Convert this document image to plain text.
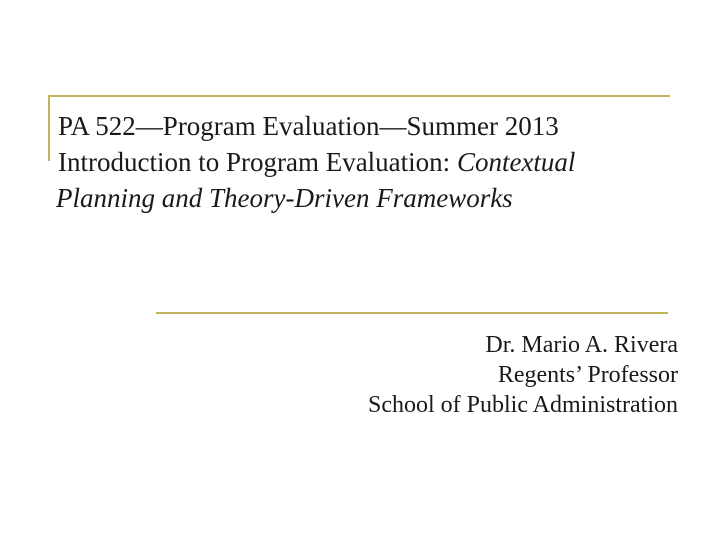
PA 522—Program Evaluation—Summer 2013
Introduction to Program Evaluation: Contextual
Planning and Theory-Driven Frameworks
Dr. Mario A. Rivera
Regents’ Professor
School of Public Administration
